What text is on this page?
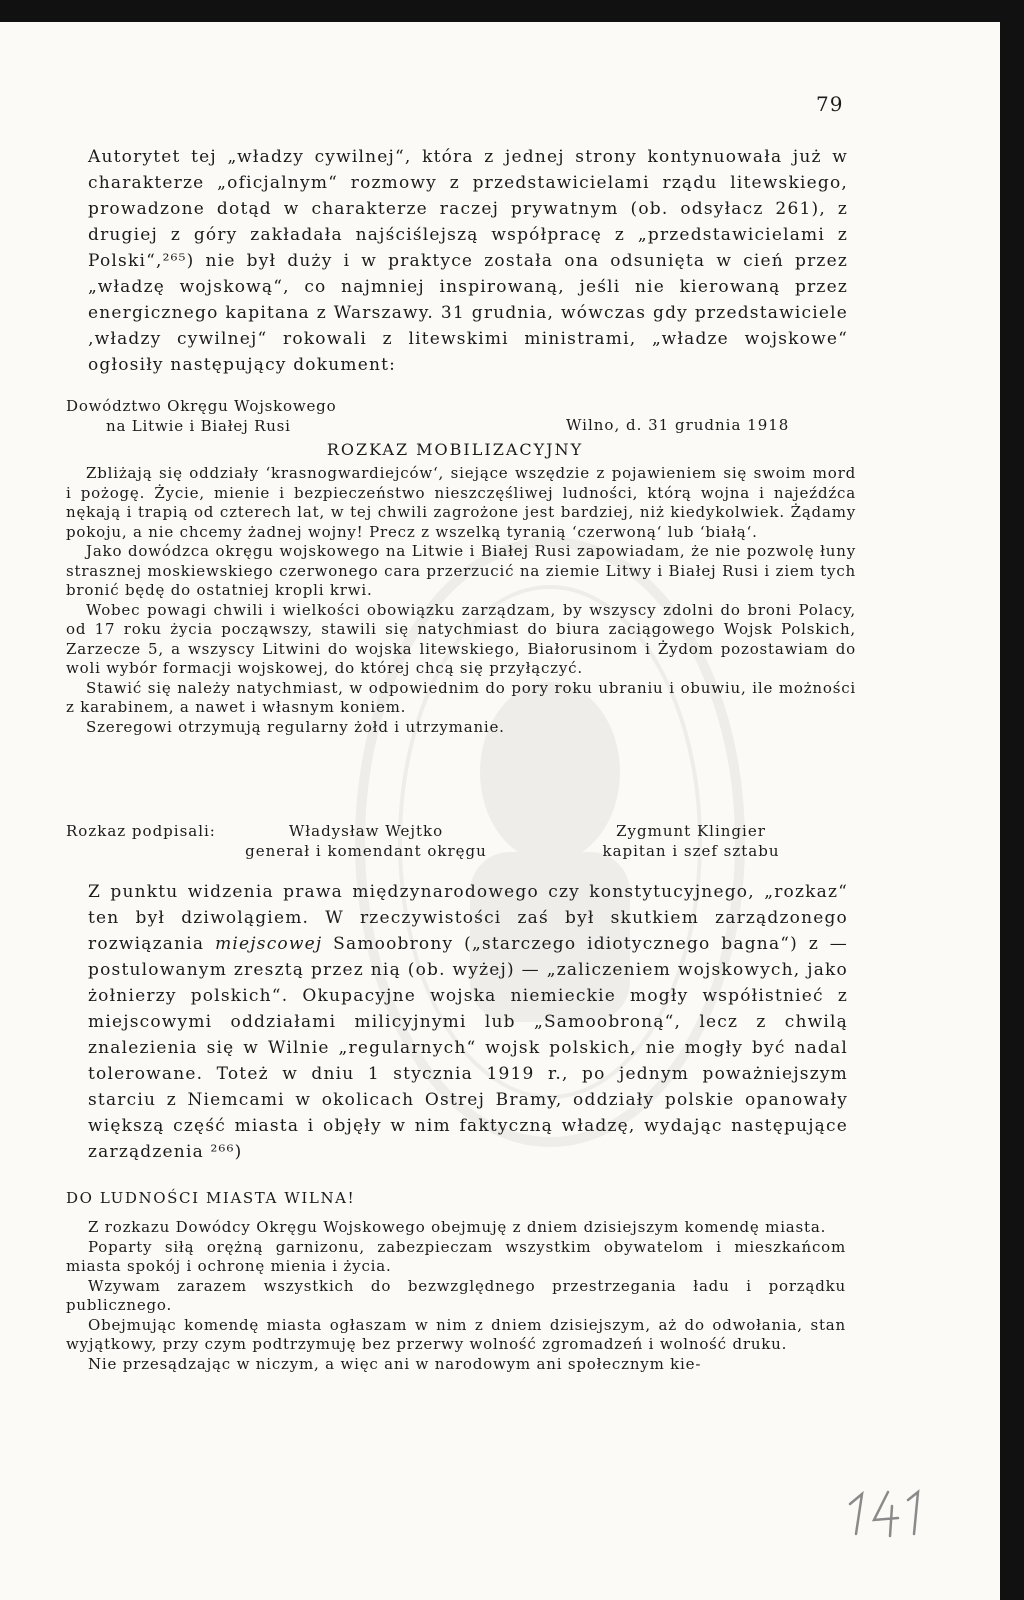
79

Autorytet tej „władzy cywilnej“, która z jednej strony kontynuowała już w charakterze „oficjalnym“ rozmowy z przedstawicielami rządu litewskiego, prowadzone dotąd w charakterze raczej prywatnym (ob. odsyłacz 261), z drugiej z góry zakładała najściślejszą współpracę z „przedstawicielami z Polski“,²⁶⁵) nie był duży i w praktyce została ona odsunięta w cień przez „władzę wojskową“, co najmniej inspirowaną, jeśli nie kierowaną przez energicznego kapitana z Warszawy. 31 grudnia, wówczas gdy przedstawiciele ‚władzy cywilnej“ rokowali z litewskimi ministrami, „władze wojskowe“ ogłosiły następujący dokument:

Dowództwo Okręgu Wojskowego

na Litwie i Białej Rusi	Wilno, d. 31 grudnia 1918
ROZKAZ MOBILIZACYJNY

Zbliżają się oddziały ‘krasnogwardiejców‘, siejące wszędzie z pojawieniem się swoim mord i pożogę. Życie, mienie i bezpieczeństwo nieszczęśliwej ludności, którą wojna i najeźdźca nękają i trapią od czterech lat, w tej chwili zagrożone jest bardziej, niż kiedykolwiek. Żądamy pokoju, a nie chcemy żadnej wojny! Precz z wszelką tyranią ‘czerwoną‘ lub ‘białą‘.

Jako dowódzca okręgu wojskowego na Litwie i Białej Rusi zapowiadam, że nie pozwolę łuny strasznej moskiewskiego czerwonego cara przerzucić na ziemie Litwy i Białej Rusi i ziem tych bronić będę do ostatniej kropli krwi.

Wobec powagi chwili i wielkości obowiązku zarządzam, by wszyscy zdolni do broni Polacy, od 17 roku życia począwszy, stawili się natychmiast do biura zaciągowego Wojsk Polskich, Zarzecze 5, a wszyscy Litwini do wojska litewskiego, Białorusinom i Żydom pozostawiam do woli wybór formacji wojskowej, do której chcą się przyłączyć.

Stawić się należy natychmiast, w odpowiednim do pory roku ubraniu i obuwiu, ile możności z karabinem, a nawet i własnym koniem.

Szeregowi otrzymują regularny żołd i utrzymanie.

Rozkaz podpisali:	Władysław Wejtko
generał i komendant okręgu
Zygmunt Klingier
kapitan i szef sztabu

Z punktu widzenia prawa międzynarodowego czy konstytucyjnego, „rozkaz“ ten był dziwolągiem. W rzeczywistości zaś był skutkiem zarządzonego rozwiązania miejscowej Samoobrony („starczego idiotycznego bagna“) z — postulowanym zresztą przez nią (ob. wyżej) — „zaliczeniem wojskowych, jako żołnierzy polskich“. Okupacyjne wojska niemieckie mogły współistnieć z miejscowymi oddziałami milicyjnymi lub „Samoobroną“, lecz z chwilą znalezienia się w Wilnie „regularnych“ wojsk polskich, nie mogły być nadal tolerowane. Toteż w dniu 1 stycznia 1919 r., po jednym poważniejszym starciu z Niemcami w okolicach Ostrej Bramy, oddziały polskie opanowały większą część miasta i objęły w nim faktyczną władzę, wydając następujące zarządzenia ²⁶⁶)

DO LUDNOŚCI MIASTA WILNA!

Z rozkazu Dowódcy Okręgu Wojskowego obejmuję z dniem dzisiejszym komendę miasta.

Poparty siłą orężną garnizonu, zabezpieczam wszystkim obywatelom i mieszkańcom miasta spokój i ochronę mienia i życia.

Wzywam zarazem wszystkich do bezwzględnego przestrzegania ładu i porządku publicznego.

Obejmując komendę miasta ogłaszam w nim z dniem dzisiejszym, aż do odwołania, stan wyjątkowy, przy czym podtrzymuję bez przerwy wolność zgromadzeń i wolność druku.

Nie przesądzając w niczym, a więc ani w narodowym ani społecznym kie-
